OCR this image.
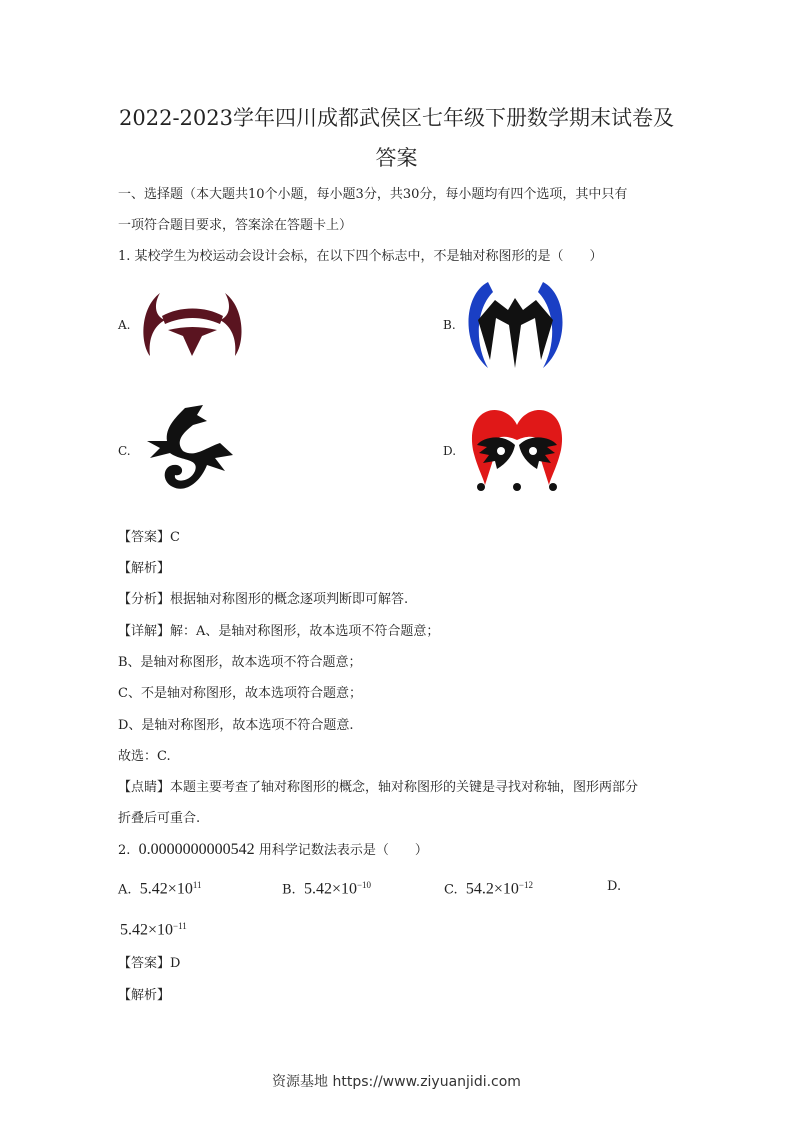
2022-2023学年四川成都武侯区七年级下册数学期末试卷及
答案
一、选择题（本大题共10个小题，每小题3分，共30分，每小题均有四个选项，其中只有
一项符合题目要求，答案涂在答题卡上）
1. 某校学生为校运动会设计会标，在以下四个标志中，不是轴对称图形的是（　　）
A.	B.
C.	D.
【答案】C
【解析】
【分析】根据轴对称图形的概念逐项判断即可解答.
【详解】解：A、是轴对称图形，故本选项不符合题意；
B、是轴对称图形，故本选项不符合题意；
C、不是轴对称图形，故本选项符合题意；
D、是轴对称图形，故本选项不符合题意.
故选：C.
【点睛】本题主要考查了轴对称图形的概念，轴对称图形的关键是寻找对称轴，图形两部分
折叠后可重合.
2. 0.0000000000542 用科学记数法表示是（　　）
A. $5.42\times 10^{11}$	B. $5.42\times 10^{-10}$	C. $54.2\times 10^{-12}$	D.
$5.42\times 10^{-11}$
【答案】D
【解析】
资源基地 https://www.ziyuanjidi.com
